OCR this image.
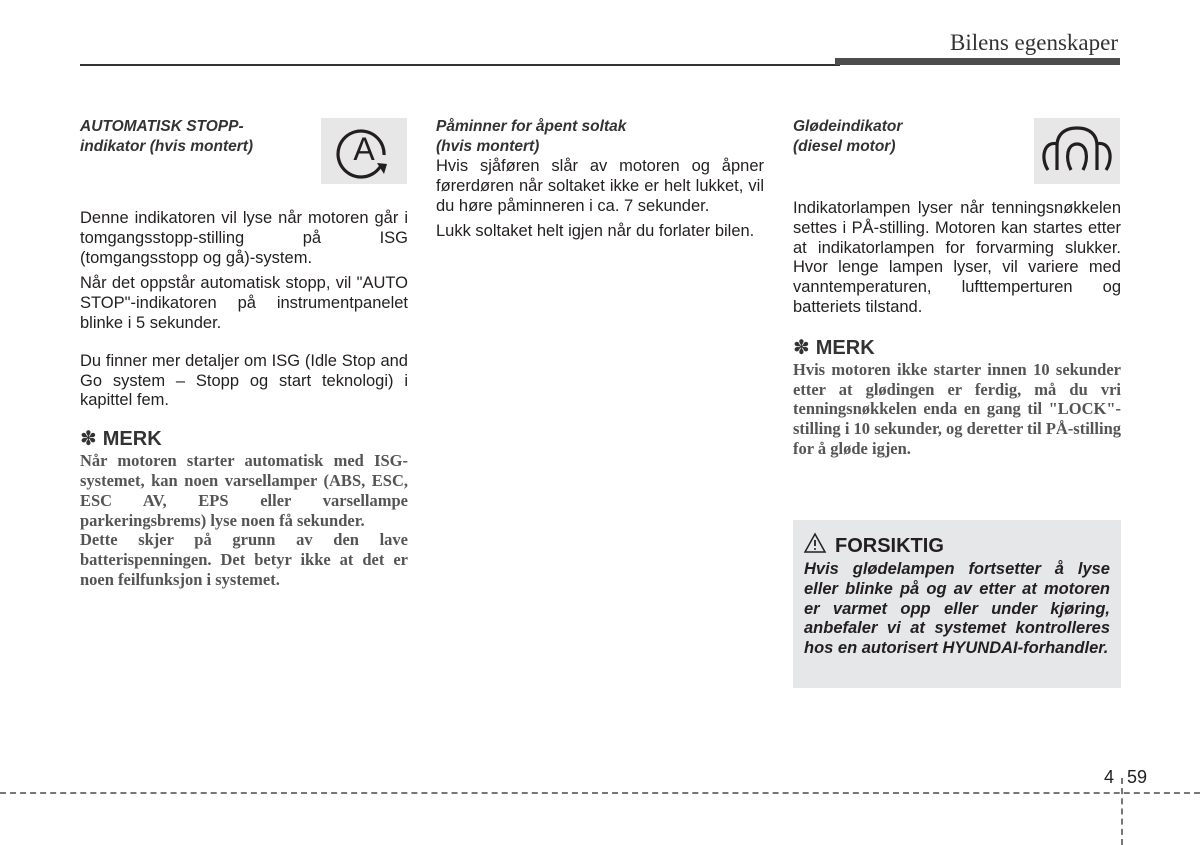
Bilens egenskaper
A

AUTOMATISK STOPP-
indikator (hvis montert)

Denne indikatoren vil lyse når motoren går i tomgangsstopp-stilling på ISG (tomgangsstopp og gå)-system.

Når det oppstår automatisk stopp, vil "AUTO STOP"-indikatoren på instrumentpanelet blinke i 5 sekunder.

Du finner mer detaljer om ISG (Idle Stop and Go system – Stopp og start teknologi) i kapittel fem.

✽ MERK

Når motoren starter automatisk med ISG-systemet, kan noen varsellamper (ABS, ESC, ESC AV, EPS eller varsellampe parkeringsbrems) lyse noen få sekunder.

Dette skjer på grunn av den lave batterispenningen. Det betyr ikke at det er noen feilfunksjon i systemet.

Påminner for åpent soltak
(hvis montert)

Hvis sjåføren slår av motoren og åpner førerdøren når soltaket ikke er helt lukket, vil du høre påminneren i ca. 7 sekunder.

Lukk soltaket helt igjen når du forlater bilen.

Glødeindikator
(diesel motor)

Indikatorlampen lyser når tenningsnøkkelen settes i PÅ-stilling. Motoren kan startes etter at indikatorlampen for forvarming slukker. Hvor lenge lampen lyser, vil variere med vanntemperaturen, lufttemperturen og batteriets tilstand.

✽ MERK

Hvis motoren ikke starter innen 10 sekunder etter at glødingen er ferdig, må du vri tenningsnøkkelen enda en gang til "LOCK"-stilling i 10 sekunder, og deretter til PÅ-stilling for å gløde igjen.

FORSIKTIG

Hvis glødelampen fortsetter å lyse eller blinke på og av etter at motoren er varmet opp eller under kjøring, anbefaler vi at systemet kontrolleres hos en autorisert HYUNDAI-forhandler.

4 59
